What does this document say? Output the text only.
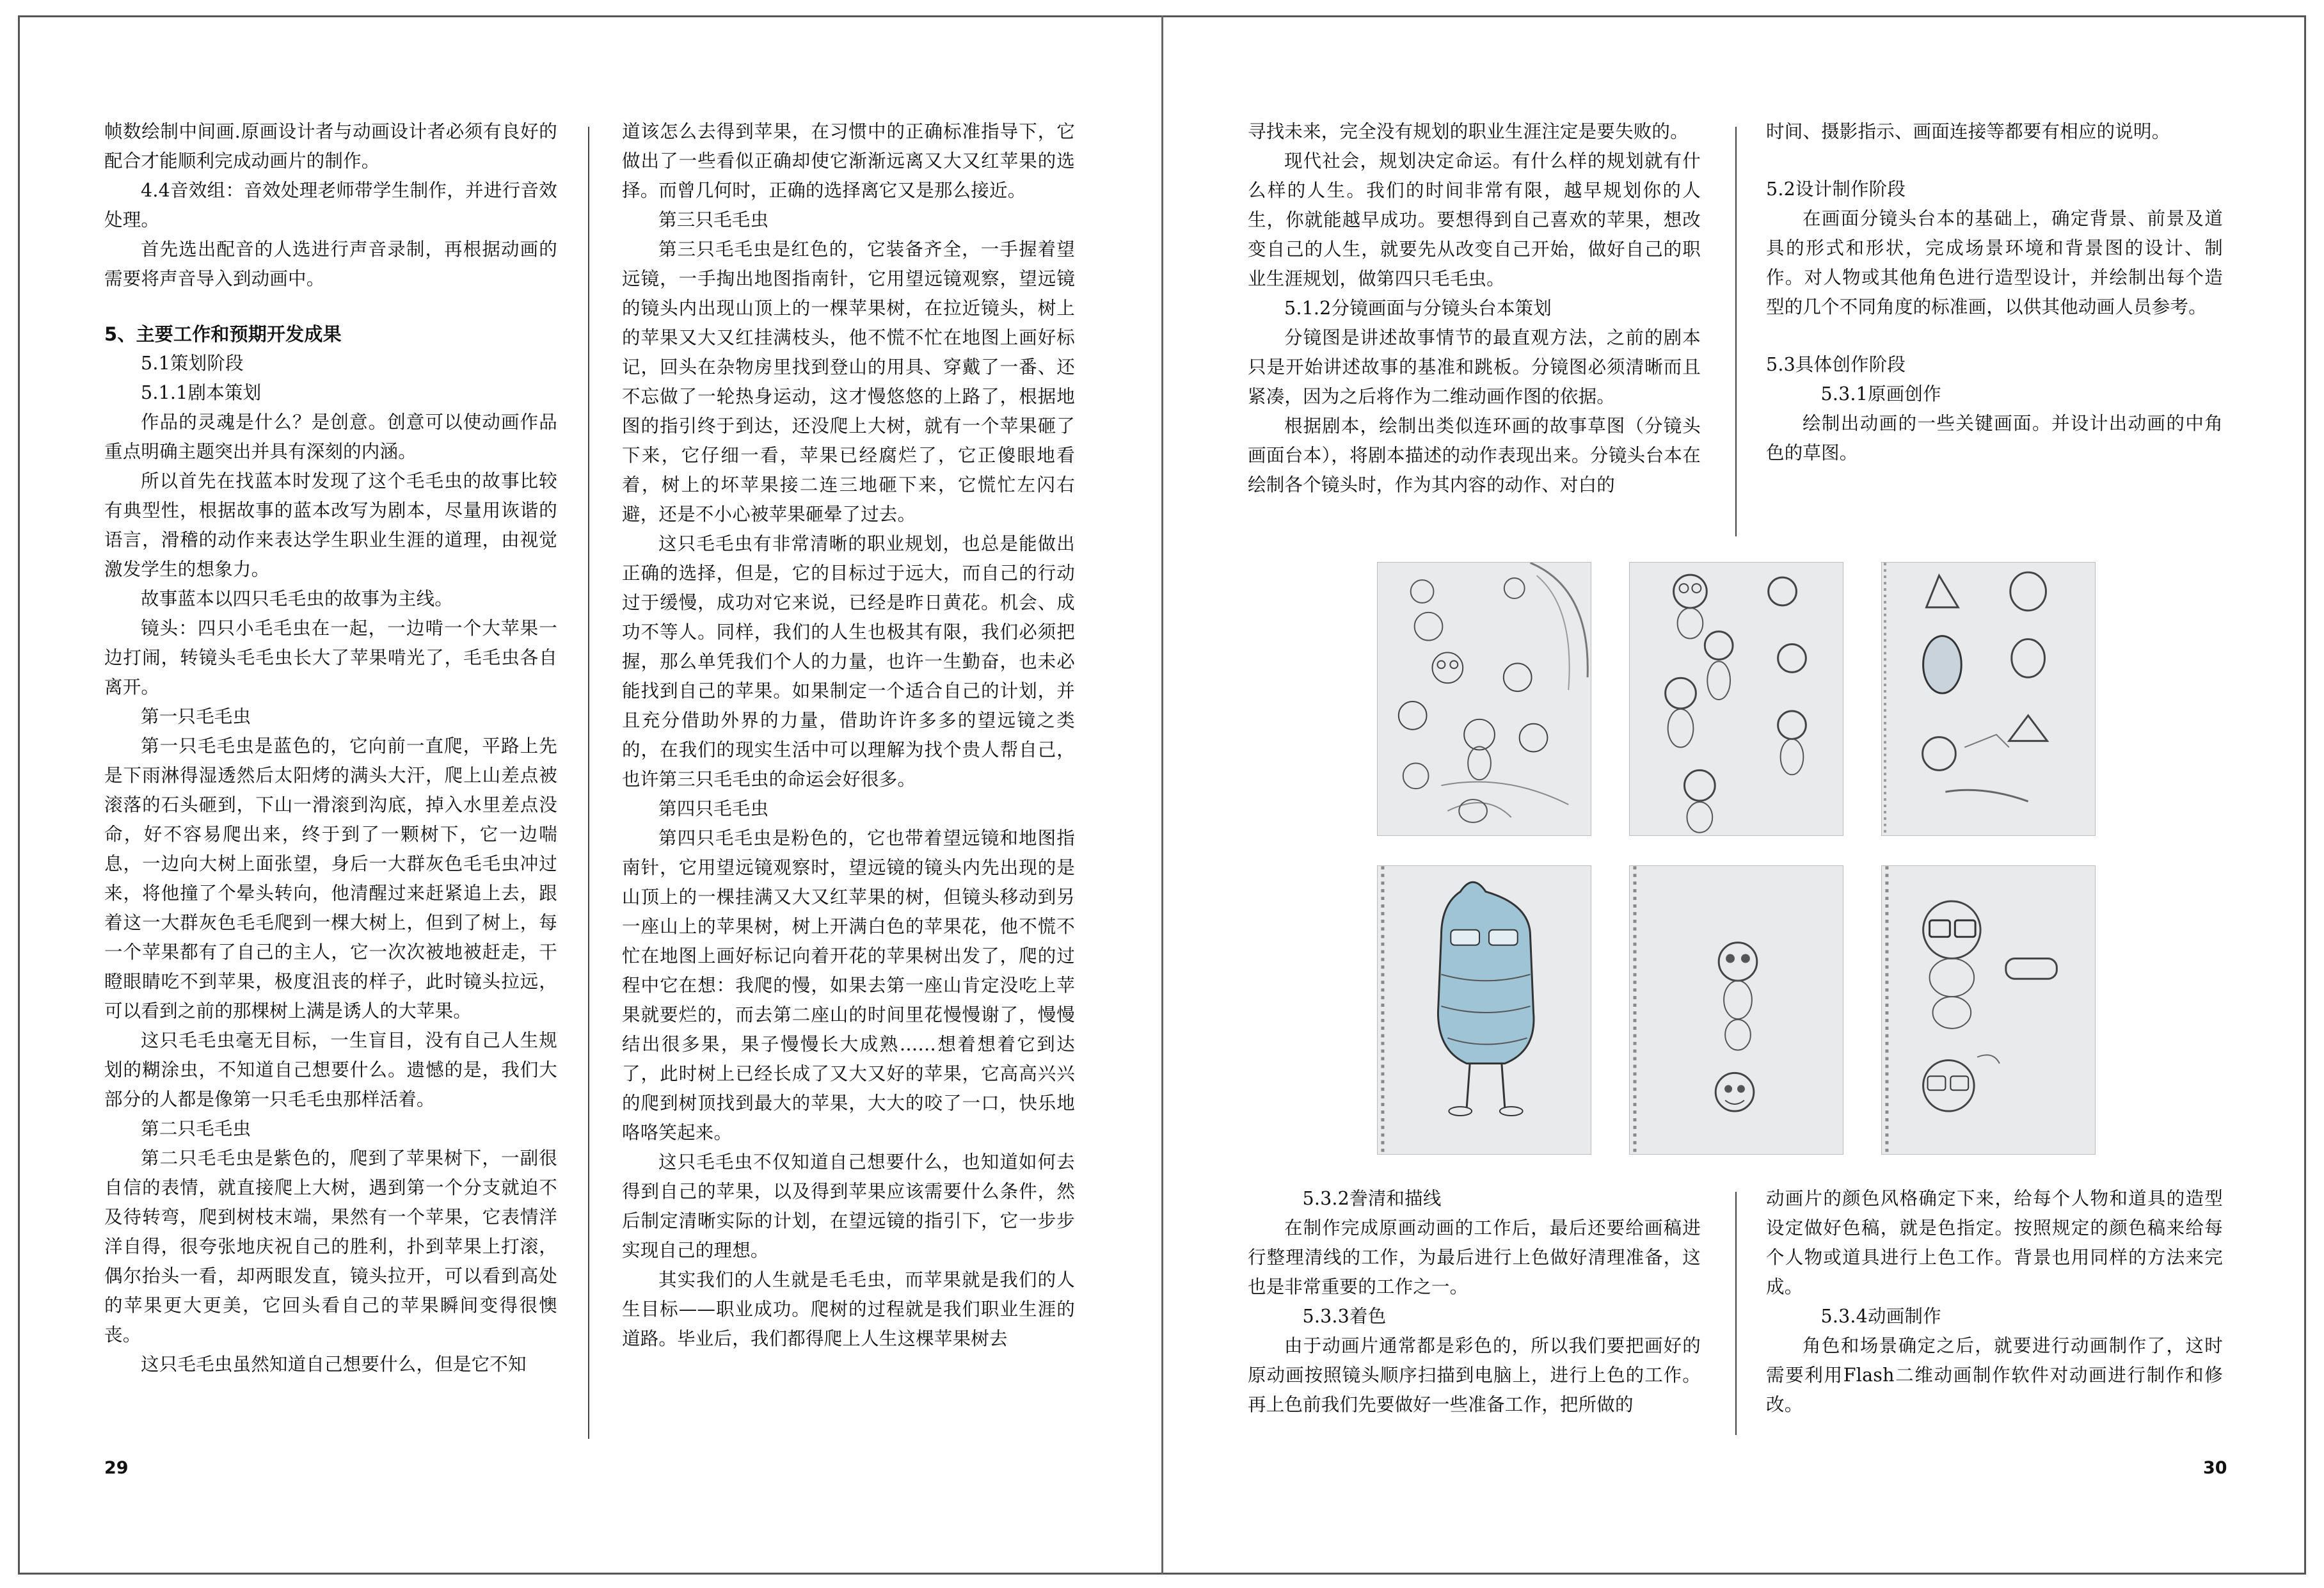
帧数绘制中间画.原画设计者与动画设计者必须有良好的配合才能顺利完成动画片的制作。

4.4音效组：音效处理老师带学生制作，并进行音效处理。

首先选出配音的人选进行声音录制，再根据动画的需要将声音导入到动画中。

5、主要工作和预期开发成果

5.1策划阶段

5.1.1剧本策划

作品的灵魂是什么？是创意。创意可以使动画作品重点明确主题突出并具有深刻的内涵。

所以首先在找蓝本时发现了这个毛毛虫的故事比较有典型性，根据故事的蓝本改写为剧本，尽量用诙谐的语言，滑稽的动作来表达学生职业生涯的道理，由视觉激发学生的想象力。

故事蓝本以四只毛毛虫的故事为主线。

镜头：四只小毛毛虫在一起，一边啃一个大苹果一边打闹，转镜头毛毛虫长大了苹果啃光了，毛毛虫各自离开。

第一只毛毛虫

第一只毛毛虫是蓝色的，它向前一直爬，平路上先是下雨淋得湿透然后太阳烤的满头大汗，爬上山差点被滚落的石头砸到，下山一滑滚到沟底，掉入水里差点没命，好不容易爬出来，终于到了一颗树下，它一边喘息，一边向大树上面张望，身后一大群灰色毛毛虫冲过来，将他撞了个晕头转向，他清醒过来赶紧追上去，跟着这一大群灰色毛毛爬到一棵大树上，但到了树上，每一个苹果都有了自己的主人，它一次次被地被赶走，干瞪眼睛吃不到苹果，极度沮丧的样子，此时镜头拉远，可以看到之前的那棵树上满是诱人的大苹果。

这只毛毛虫毫无目标，一生盲目，没有自己人生规划的糊涂虫，不知道自己想要什么。遗憾的是，我们大部分的人都是像第一只毛毛虫那样活着。

第二只毛毛虫

第二只毛毛虫是紫色的，爬到了苹果树下，一副很自信的表情，就直接爬上大树，遇到第一个分支就迫不及待转弯，爬到树枝末端，果然有一个苹果，它表情洋洋自得，很夸张地庆祝自己的胜利，扑到苹果上打滚，偶尔抬头一看，却两眼发直，镜头拉开，可以看到高处的苹果更大更美，它回头看自己的苹果瞬间变得很懊丧。

这只毛毛虫虽然知道自己想要什么，但是它不知

道该怎么去得到苹果，在习惯中的正确标准指导下，它做出了一些看似正确却使它渐渐远离又大又红苹果的选择。而曾几何时，正确的选择离它又是那么接近。

第三只毛毛虫

第三只毛毛虫是红色的，它装备齐全，一手握着望远镜，一手掏出地图指南针，它用望远镜观察，望远镜的镜头内出现山顶上的一棵苹果树，在拉近镜头，树上的苹果又大又红挂满枝头，他不慌不忙在地图上画好标记，回头在杂物房里找到登山的用具、穿戴了一番、还不忘做了一轮热身运动，这才慢悠悠的上路了，根据地图的指引终于到达，还没爬上大树，就有一个苹果砸了下来，它仔细一看，苹果已经腐烂了，它正傻眼地看着，树上的坏苹果接二连三地砸下来，它慌忙左闪右避，还是不小心被苹果砸晕了过去。

这只毛毛虫有非常清晰的职业规划，也总是能做出正确的选择，但是，它的目标过于远大，而自己的行动过于缓慢，成功对它来说，已经是昨日黄花。机会、成功不等人。同样，我们的人生也极其有限，我们必须把握，那么单凭我们个人的力量，也许一生勤奋，也未必能找到自己的苹果。如果制定一个适合自己的计划，并且充分借助外界的力量，借助许许多多的望远镜之类的，在我们的现实生活中可以理解为找个贵人帮自己，也许第三只毛毛虫的命运会好很多。

第四只毛毛虫

第四只毛毛虫是粉色的，它也带着望远镜和地图指南针，它用望远镜观察时，望远镜的镜头内先出现的是山顶上的一棵挂满又大又红苹果的树，但镜头移动到另一座山上的苹果树，树上开满白色的苹果花，他不慌不忙在地图上画好标记向着开花的苹果树出发了，爬的过程中它在想：我爬的慢，如果去第一座山肯定没吃上苹果就要烂的，而去第二座山的时间里花慢慢谢了，慢慢结出很多果，果子慢慢长大成熟……想着想着它到达了，此时树上已经长成了又大又好的苹果，它高高兴兴的爬到树顶找到最大的苹果，大大的咬了一口，快乐地咯咯笑起来。

这只毛毛虫不仅知道自己想要什么，也知道如何去得到自己的苹果，以及得到苹果应该需要什么条件，然后制定清晰实际的计划，在望远镜的指引下，它一步步实现自己的理想。

其实我们的人生就是毛毛虫，而苹果就是我们的人生目标——职业成功。爬树的过程就是我们职业生涯的道路。毕业后，我们都得爬上人生这棵苹果树去

29

寻找未来，完全没有规划的职业生涯注定是要失败的。

现代社会，规划决定命运。有什么样的规划就有什么样的人生。我们的时间非常有限，越早规划你的人生，你就能越早成功。要想得到自己喜欢的苹果，想改变自己的人生，就要先从改变自己开始，做好自己的职业生涯规划，做第四只毛毛虫。

5.1.2分镜画面与分镜头台本策划

分镜图是讲述故事情节的最直观方法，之前的剧本只是开始讲述故事的基准和跳板。分镜图必须清晰而且紧凑，因为之后将作为二维动画作图的依据。

根据剧本，绘制出类似连环画的故事草图（分镜头画面台本），将剧本描述的动作表现出来。分镜头台本在绘制各个镜头时，作为其内容的动作、对白的

时间、摄影指示、画面连接等都要有相应的说明。

5.2设计制作阶段

在画面分镜头台本的基础上，确定背景、前景及道具的形式和形状，完成场景环境和背景图的设计、制作。对人物或其他角色进行造型设计，并绘制出每个造型的几个不同角度的标准画，以供其他动画人员参考。

5.3具体创作阶段

5.3.1原画创作

绘制出动画的一些关键画面。并设计出动画的中角色的草图。

5.3.2誊清和描线

在制作完成原画动画的工作后，最后还要给画稿进行整理清线的工作，为最后进行上色做好清理准备，这也是非常重要的工作之一。

5.3.3着色

由于动画片通常都是彩色的，所以我们要把画好的原动画按照镜头顺序扫描到电脑上，进行上色的工作。再上色前我们先要做好一些准备工作，把所做的

动画片的颜色风格确定下来，给每个人物和道具的造型设定做好色稿，就是色指定。按照规定的颜色稿来给每个人物或道具进行上色工作。背景也用同样的方法来完成。

5.3.4动画制作

角色和场景确定之后，就要进行动画制作了，这时需要利用Flash二维动画制作软件对动画进行制作和修改。

30
